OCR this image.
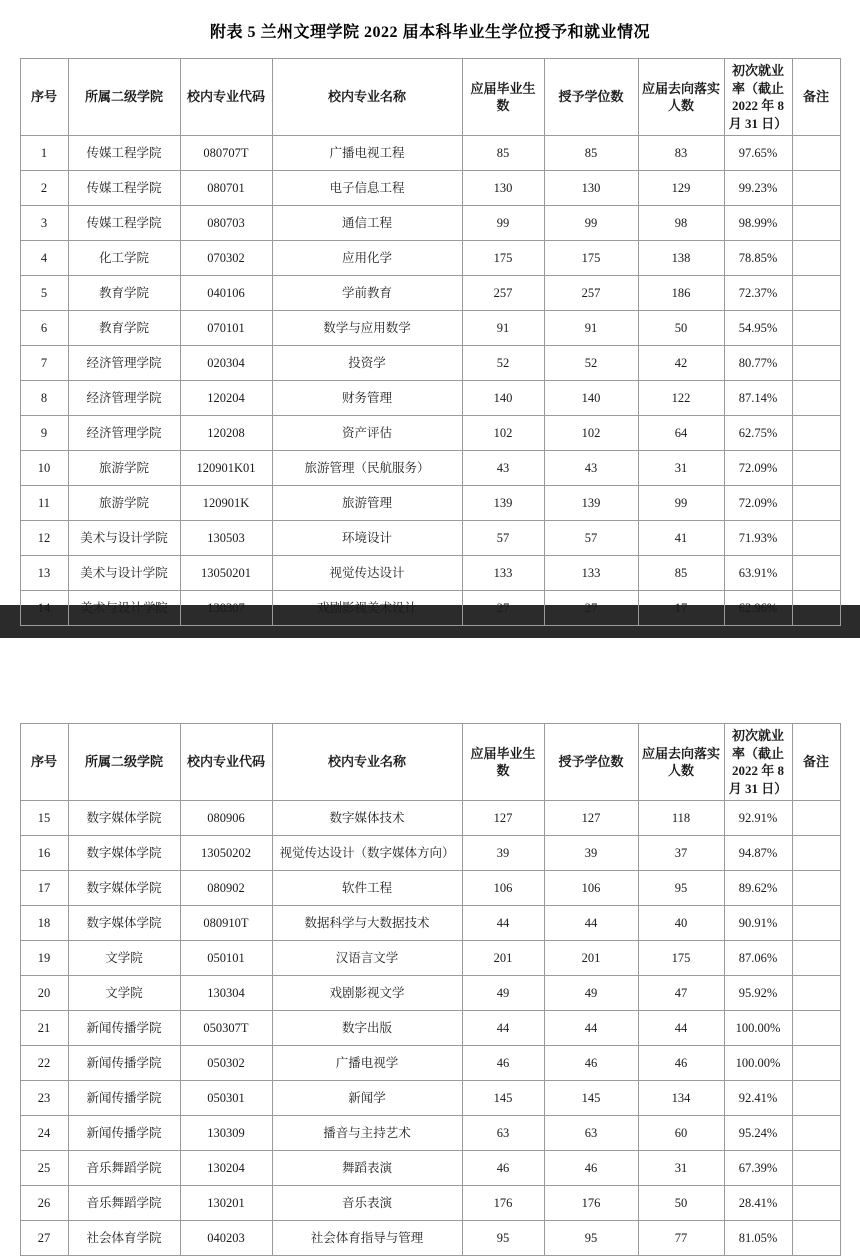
附表 5 兰州文理学院 2022 届本科毕业生学位授予和就业情况
序号	所属二级学院	校内专业代码	校内专业名称	应届毕业生数	授予学位数	应届去向落实人数	初次就业率（截止 2022 年 8 月 31 日）	备注
1	传媒工程学院	080707T	广播电视工程	85	85	83	97.65%	
2	传媒工程学院	080701	电子信息工程	130	130	129	99.23%	
3	传媒工程学院	080703	通信工程	99	99	98	98.99%	
4	化工学院	070302	应用化学	175	175	138	78.85%	
5	教育学院	040106	学前教育	257	257	186	72.37%	
6	教育学院	070101	数学与应用数学	91	91	50	54.95%	
7	经济管理学院	020304	投资学	52	52	42	80.77%	
8	经济管理学院	120204	财务管理	140	140	122	87.14%	
9	经济管理学院	120208	资产评估	102	102	64	62.75%	
10	旅游学院	120901K01	旅游管理（民航服务）	43	43	31	72.09%	
11	旅游学院	120901K	旅游管理	139	139	99	72.09%	
12	美术与设计学院	130503	环境设计	57	57	41	71.93%	
13	美术与设计学院	13050201	视觉传达设计	133	133	85	63.91%	
14	美术与设计学院	130307	戏剧影视美术设计	27	27	17	62.96%	
序号	所属二级学院	校内专业代码	校内专业名称	应届毕业生数	授予学位数	应届去向落实人数	初次就业率（截止 2022 年 8 月 31 日）	备注
15	数字媒体学院	080906	数字媒体技术	127	127	118	92.91%	
16	数字媒体学院	13050202	视觉传达设计（数字媒体方向）	39	39	37	94.87%	
17	数字媒体学院	080902	软件工程	106	106	95	89.62%	
18	数字媒体学院	080910T	数据科学与大数据技术	44	44	40	90.91%	
19	文学院	050101	汉语言文学	201	201	175	87.06%	
20	文学院	130304	戏剧影视文学	49	49	47	95.92%	
21	新闻传播学院	050307T	数字出版	44	44	44	100.00%	
22	新闻传播学院	050302	广播电视学	46	46	46	100.00%	
23	新闻传播学院	050301	新闻学	145	145	134	92.41%	
24	新闻传播学院	130309	播音与主持艺术	63	63	60	95.24%	
25	音乐舞蹈学院	130204	舞蹈表演	46	46	31	67.39%	
26	音乐舞蹈学院	130201	音乐表演	176	176	50	28.41%	
27	社会体育学院	040203	社会体育指导与管理	95	95	77	81.05%	
